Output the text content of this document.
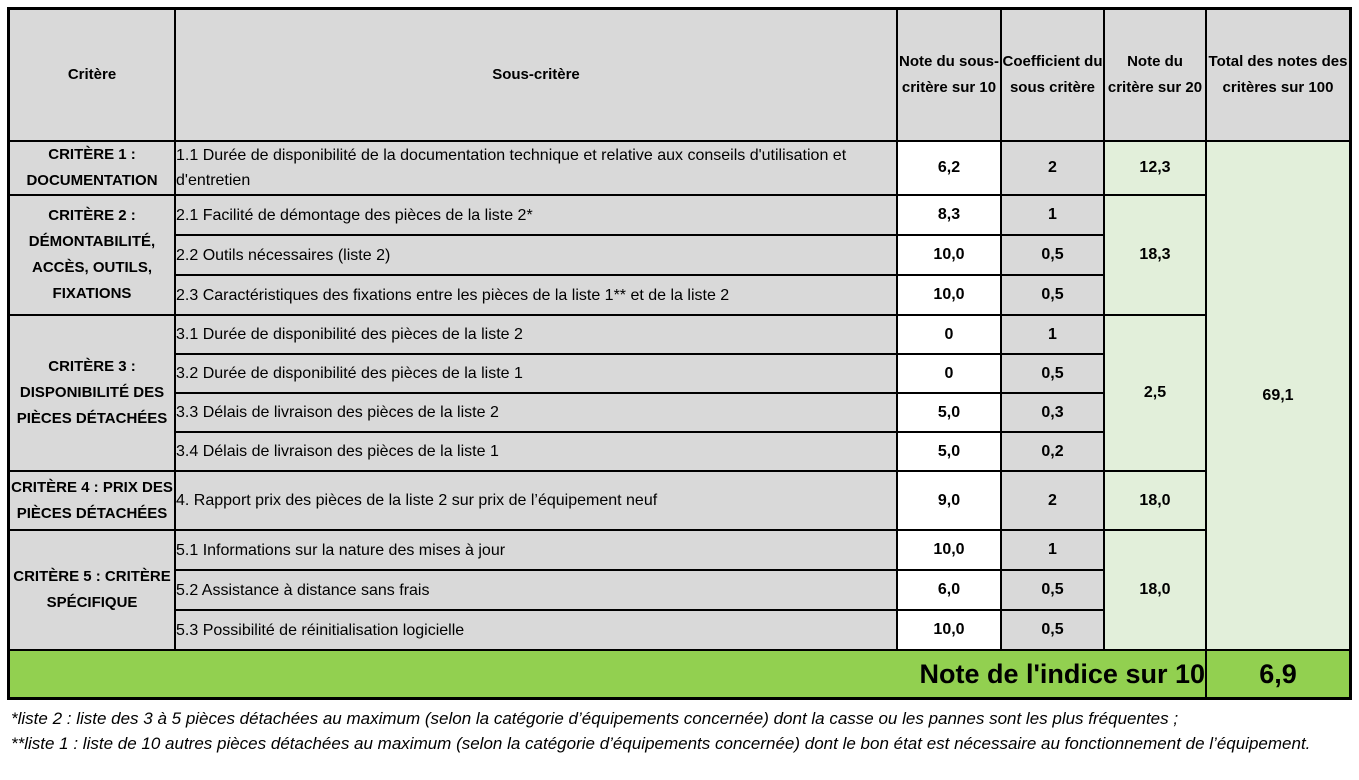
Critère	Sous-critère	Note du sous-critère sur 10	Coefficient du sous critère	Note du critère sur 20	Total des notes des critères sur 100
CRITÈRE 1 : DOCUMENTATION	1.1 Durée de disponibilité de la documentation technique et relative aux conseils d'utilisation et d'entretien	6,2	2	12,3	69,1
CRITÈRE 2 : DÉMONTABILITÉ, ACCÈS, OUTILS, FIXATIONS	2.1 Facilité de démontage des pièces de la liste 2*	8,3	1	18,3	
	2.2 Outils nécessaires (liste 2)	10,0	0,5		
	2.3 Caractéristiques des fixations entre les pièces de la liste 1** et de la liste 2	10,0	0,5		
CRITÈRE 3 : DISPONIBILITÉ DES PIÈCES DÉTACHÉES	3.1 Durée de disponibilité des pièces de la liste 2	0	1	2,5	
	3.2 Durée de disponibilité des pièces de la liste 1	0	0,5		
	3.3 Délais de livraison des pièces de la liste 2	5,0	0,3		
	3.4 Délais de livraison des pièces de la liste 1	5,0	0,2		
CRITÈRE 4 : PRIX DES PIÈCES DÉTACHÉES	4. Rapport prix des pièces de la liste 2 sur prix de l’équipement neuf	9,0	2	18,0	
CRITÈRE 5 : CRITÈRE SPÉCIFIQUE	5.1 Informations sur la nature des mises à jour	10,0	1	18,0	
	5.2 Assistance à distance sans frais	6,0	0,5		
	5.3 Possibilité de réinitialisation logicielle	10,0	0,5		
Note de l'indice sur 10					6,9
*liste 2 : liste des 3 à 5 pièces détachées au maximum (selon la catégorie d’équipements concernée) dont la casse ou les pannes sont les plus fréquentes ;
**liste 1 : liste de 10 autres pièces détachées au maximum (selon la catégorie d’équipements concernée) dont le bon état est nécessaire au fonctionnement de l’équipement.
